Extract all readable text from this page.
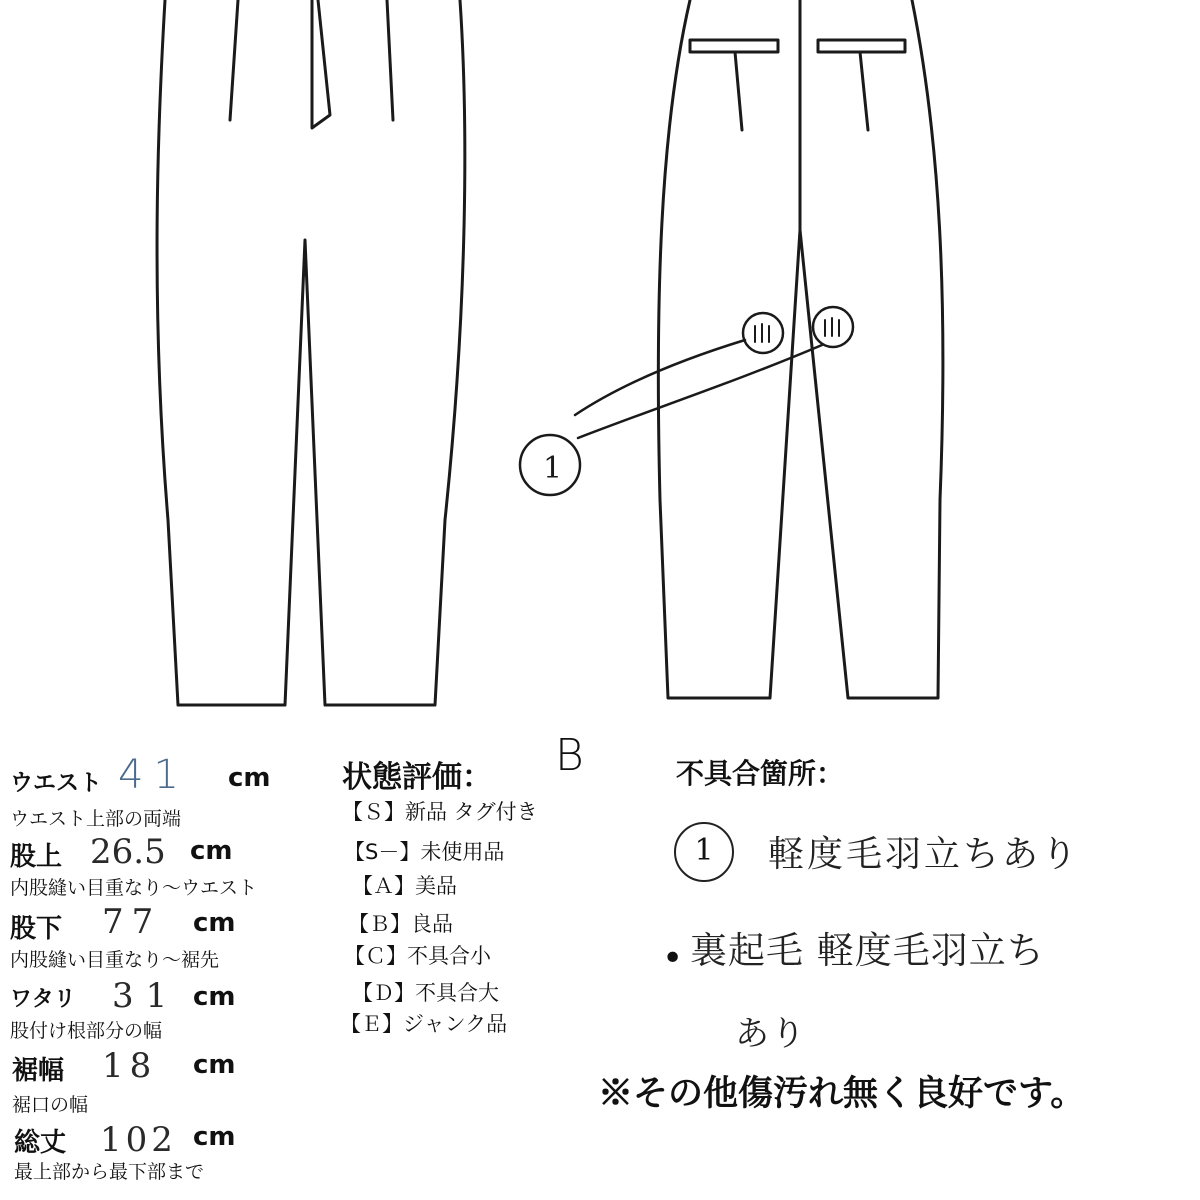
1
ウエスト 41 cm
ウエスト上部の両端
股上 26.5 cm
内股縫い目重なり～ウエスト
股下 77 cm
内股縫い目重なり～裾先
ワタリ 31 cm
股付け根部分の幅
裾幅 18 cm
裾口の幅
総丈 102 cm
最上部から最下部まで
状態評価： B
【Ｓ】新品 タグ付き
【S－】未使用品
【Ａ】美品
【Ｂ】良品
【Ｃ】不具合小
【Ｄ】不具合大
【Ｅ】ジャンク品
不具合箇所：
1	軽度毛羽立ちあり
• 裏起毛 軽度毛羽立ち
あり
※その他傷汚れ無く良好です。
